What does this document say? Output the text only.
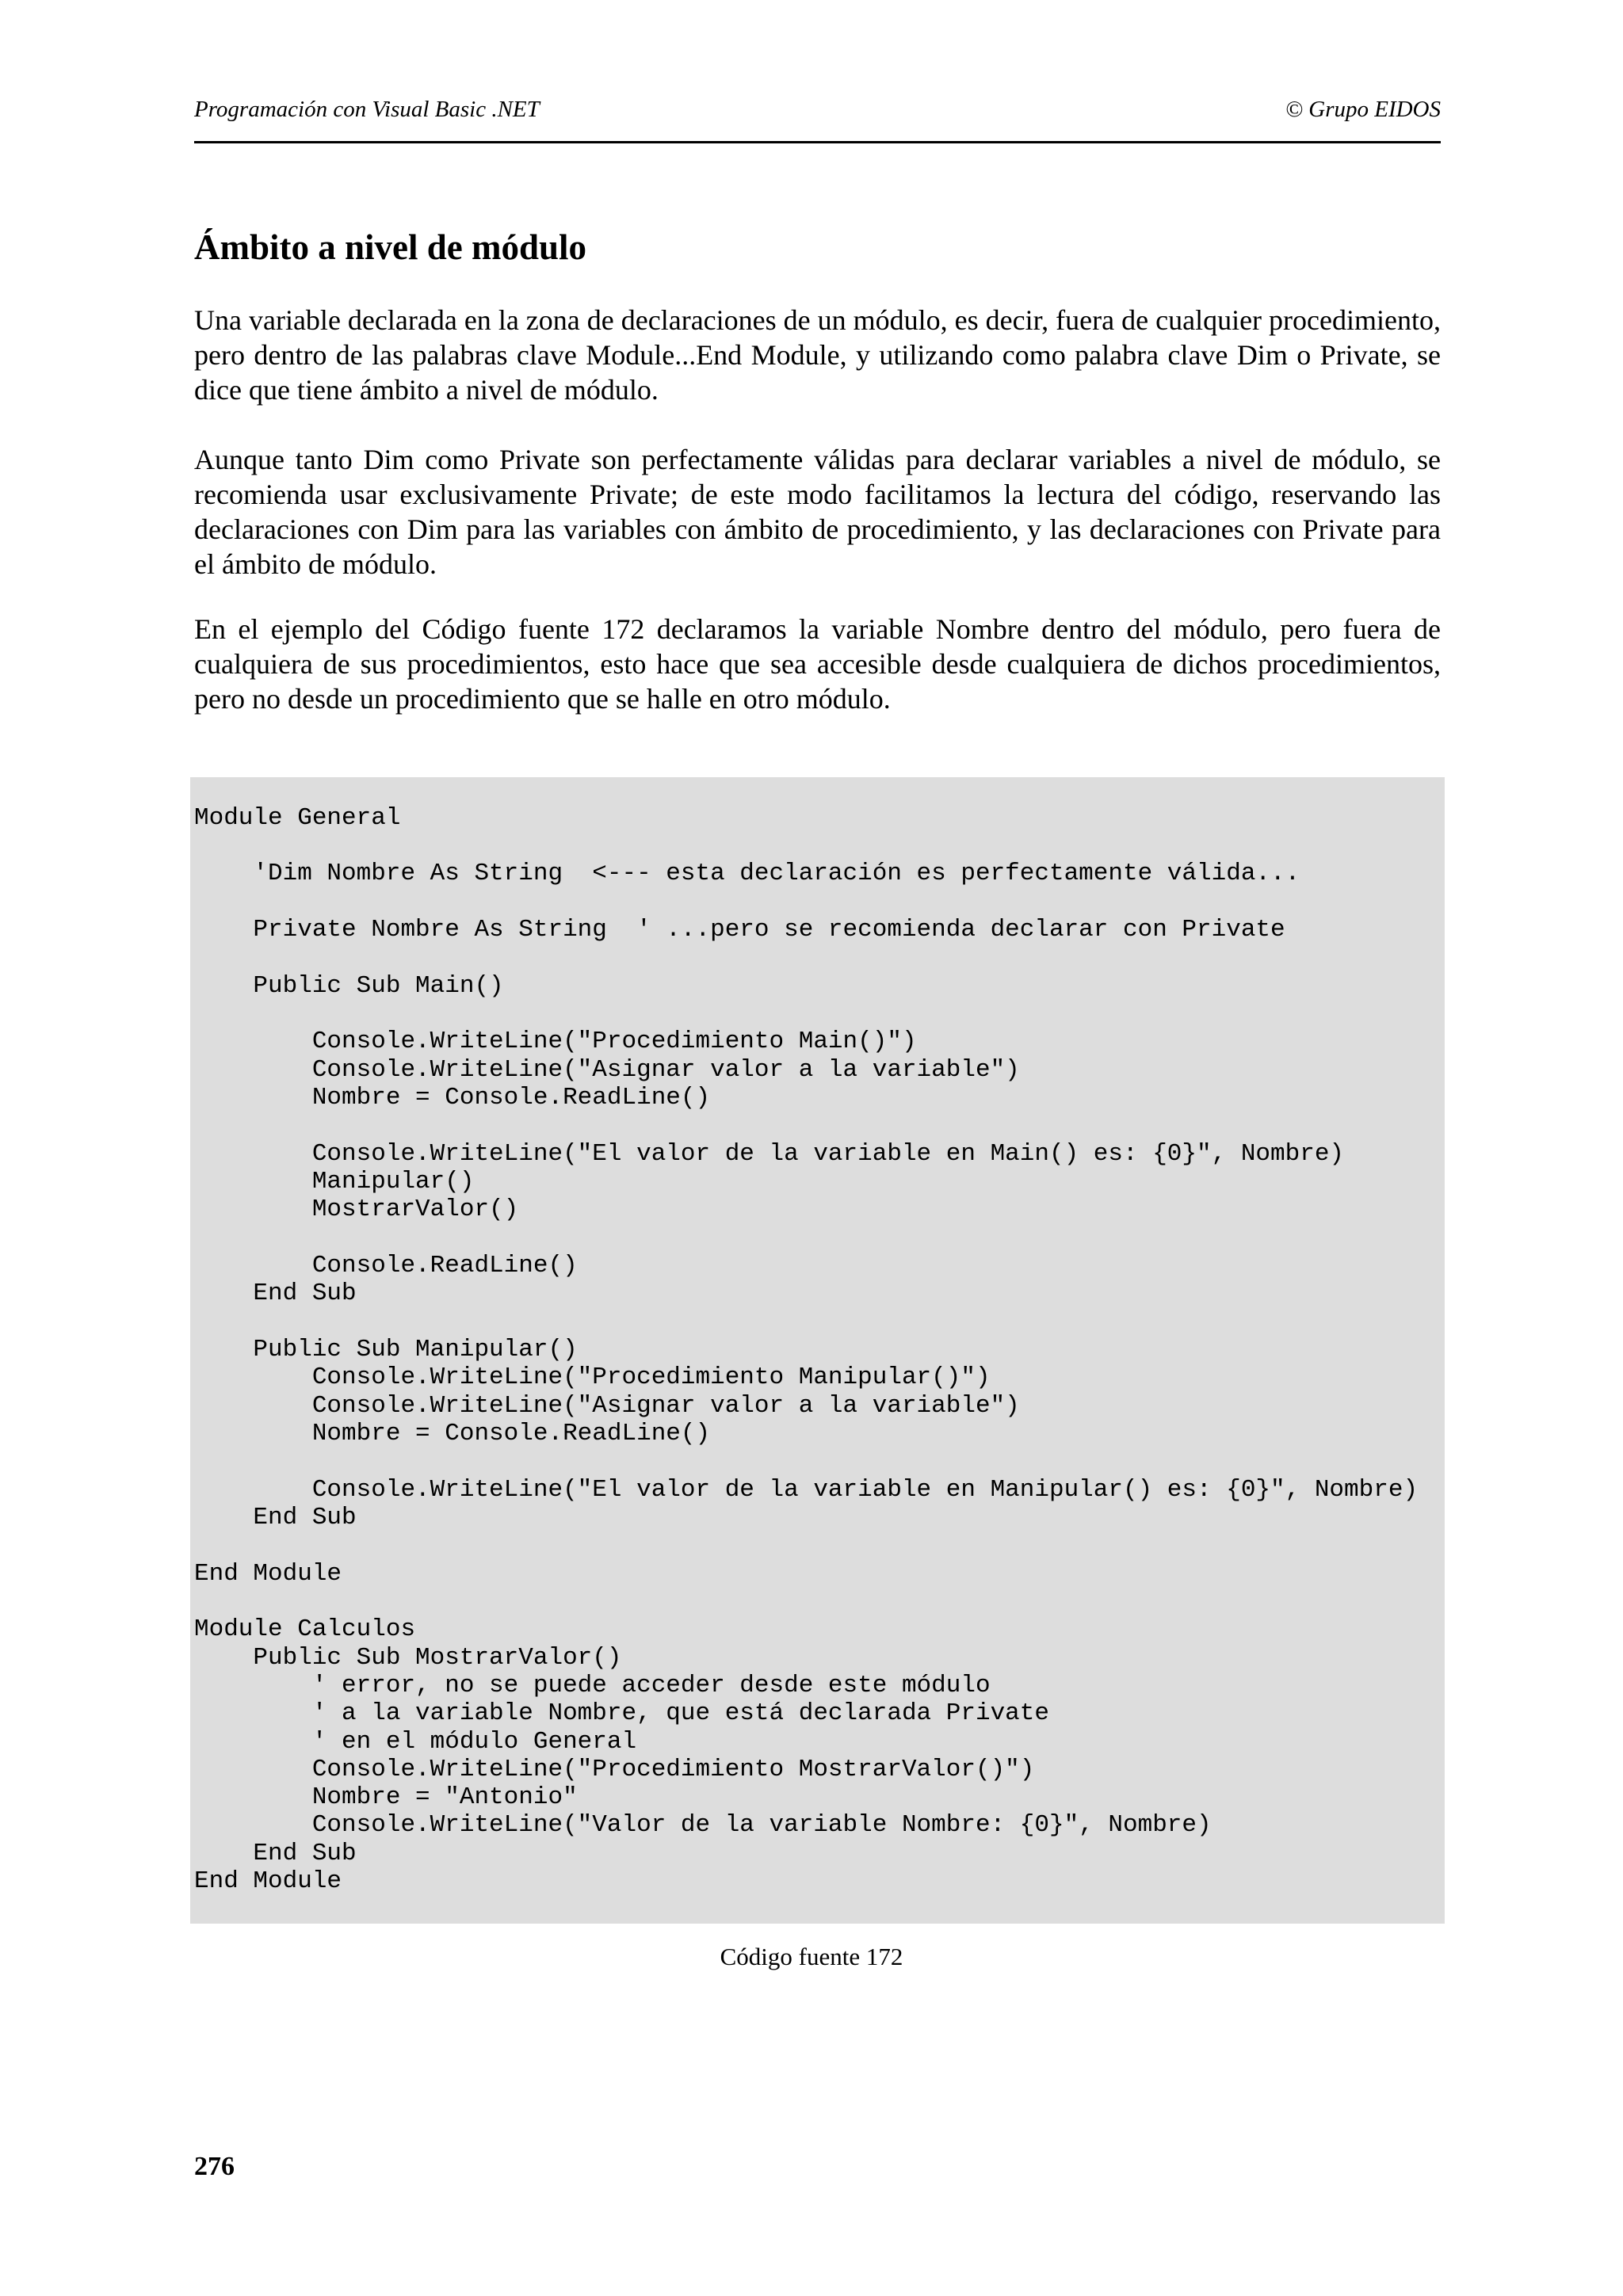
Programación con Visual Basic .NET	© Grupo EIDOS
Ámbito a nivel de módulo

Una variable declarada en la zona de declaraciones de un módulo, es decir, fuera de cualquier procedimiento, pero dentro de las palabras clave Module...End Module, y utilizando como palabra clave Dim o Private, se dice que tiene ámbito a nivel de módulo.

Aunque tanto Dim como Private son perfectamente válidas para declarar variables a nivel de módulo, se recomienda usar exclusivamente Private; de este modo facilitamos la lectura del código, reservando las declaraciones con Dim para las variables con ámbito de procedimiento, y las declaraciones con Private para el ámbito de módulo.

En el ejemplo del Código fuente 172 declaramos la variable Nombre dentro del módulo, pero fuera de cualquiera de sus procedimientos, esto hace que sea accesible desde cualquiera de dichos procedimientos, pero no desde un procedimiento que se halle en otro módulo.

Module General
'Dim Nombre As String  <--- esta declaración es perfectamente válida...
Private Nombre As String  ' ...pero se recomienda declarar con Private
Public Sub Main()
Console.WriteLine("Procedimiento Main()")
Console.WriteLine("Asignar valor a la variable")
Nombre = Console.ReadLine()
Console.WriteLine("El valor de la variable en Main() es: {0}", Nombre)
Manipular()
MostrarValor()
Console.ReadLine()
End Sub
Public Sub Manipular()
Console.WriteLine("Procedimiento Manipular()")
Console.WriteLine("Asignar valor a la variable")
Nombre = Console.ReadLine()
Console.WriteLine("El valor de la variable en Manipular() es: {0}", Nombre)
End Sub
End Module
Module Calculos
Public Sub MostrarValor()
' error, no se puede acceder desde este módulo
' a la variable Nombre, que está declarada Private
' en el módulo General
Console.WriteLine("Procedimiento MostrarValor()")
Nombre = "Antonio"
Console.WriteLine("Valor de la variable Nombre: {0}", Nombre)
End Sub
End Module
Código fuente 172
276
